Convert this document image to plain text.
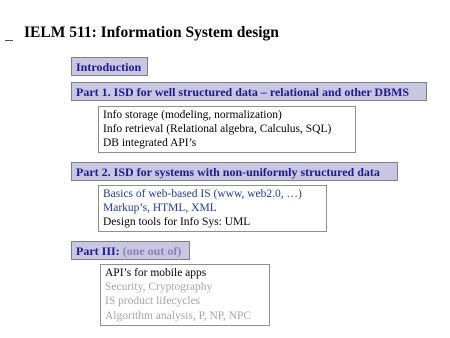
IELM 511: Information System design
Introduction
Part 1. ISD for well structured data – relational and other DBMS
Info storage (modeling, normalization)
Info retrieval (Relational algebra, Calculus, SQL)
DB integrated API’s
Part 2. ISD for systems with non-uniformly structured data
Basics of web-based IS (www, web2.0, …)
Markup’s, HTML, XML
Design tools for Info Sys: UML
Part III: (one out of)
API’s for mobile apps
Security, Cryptography
IS product lifecycles
Algorithm analysis, P, NP, NPC
